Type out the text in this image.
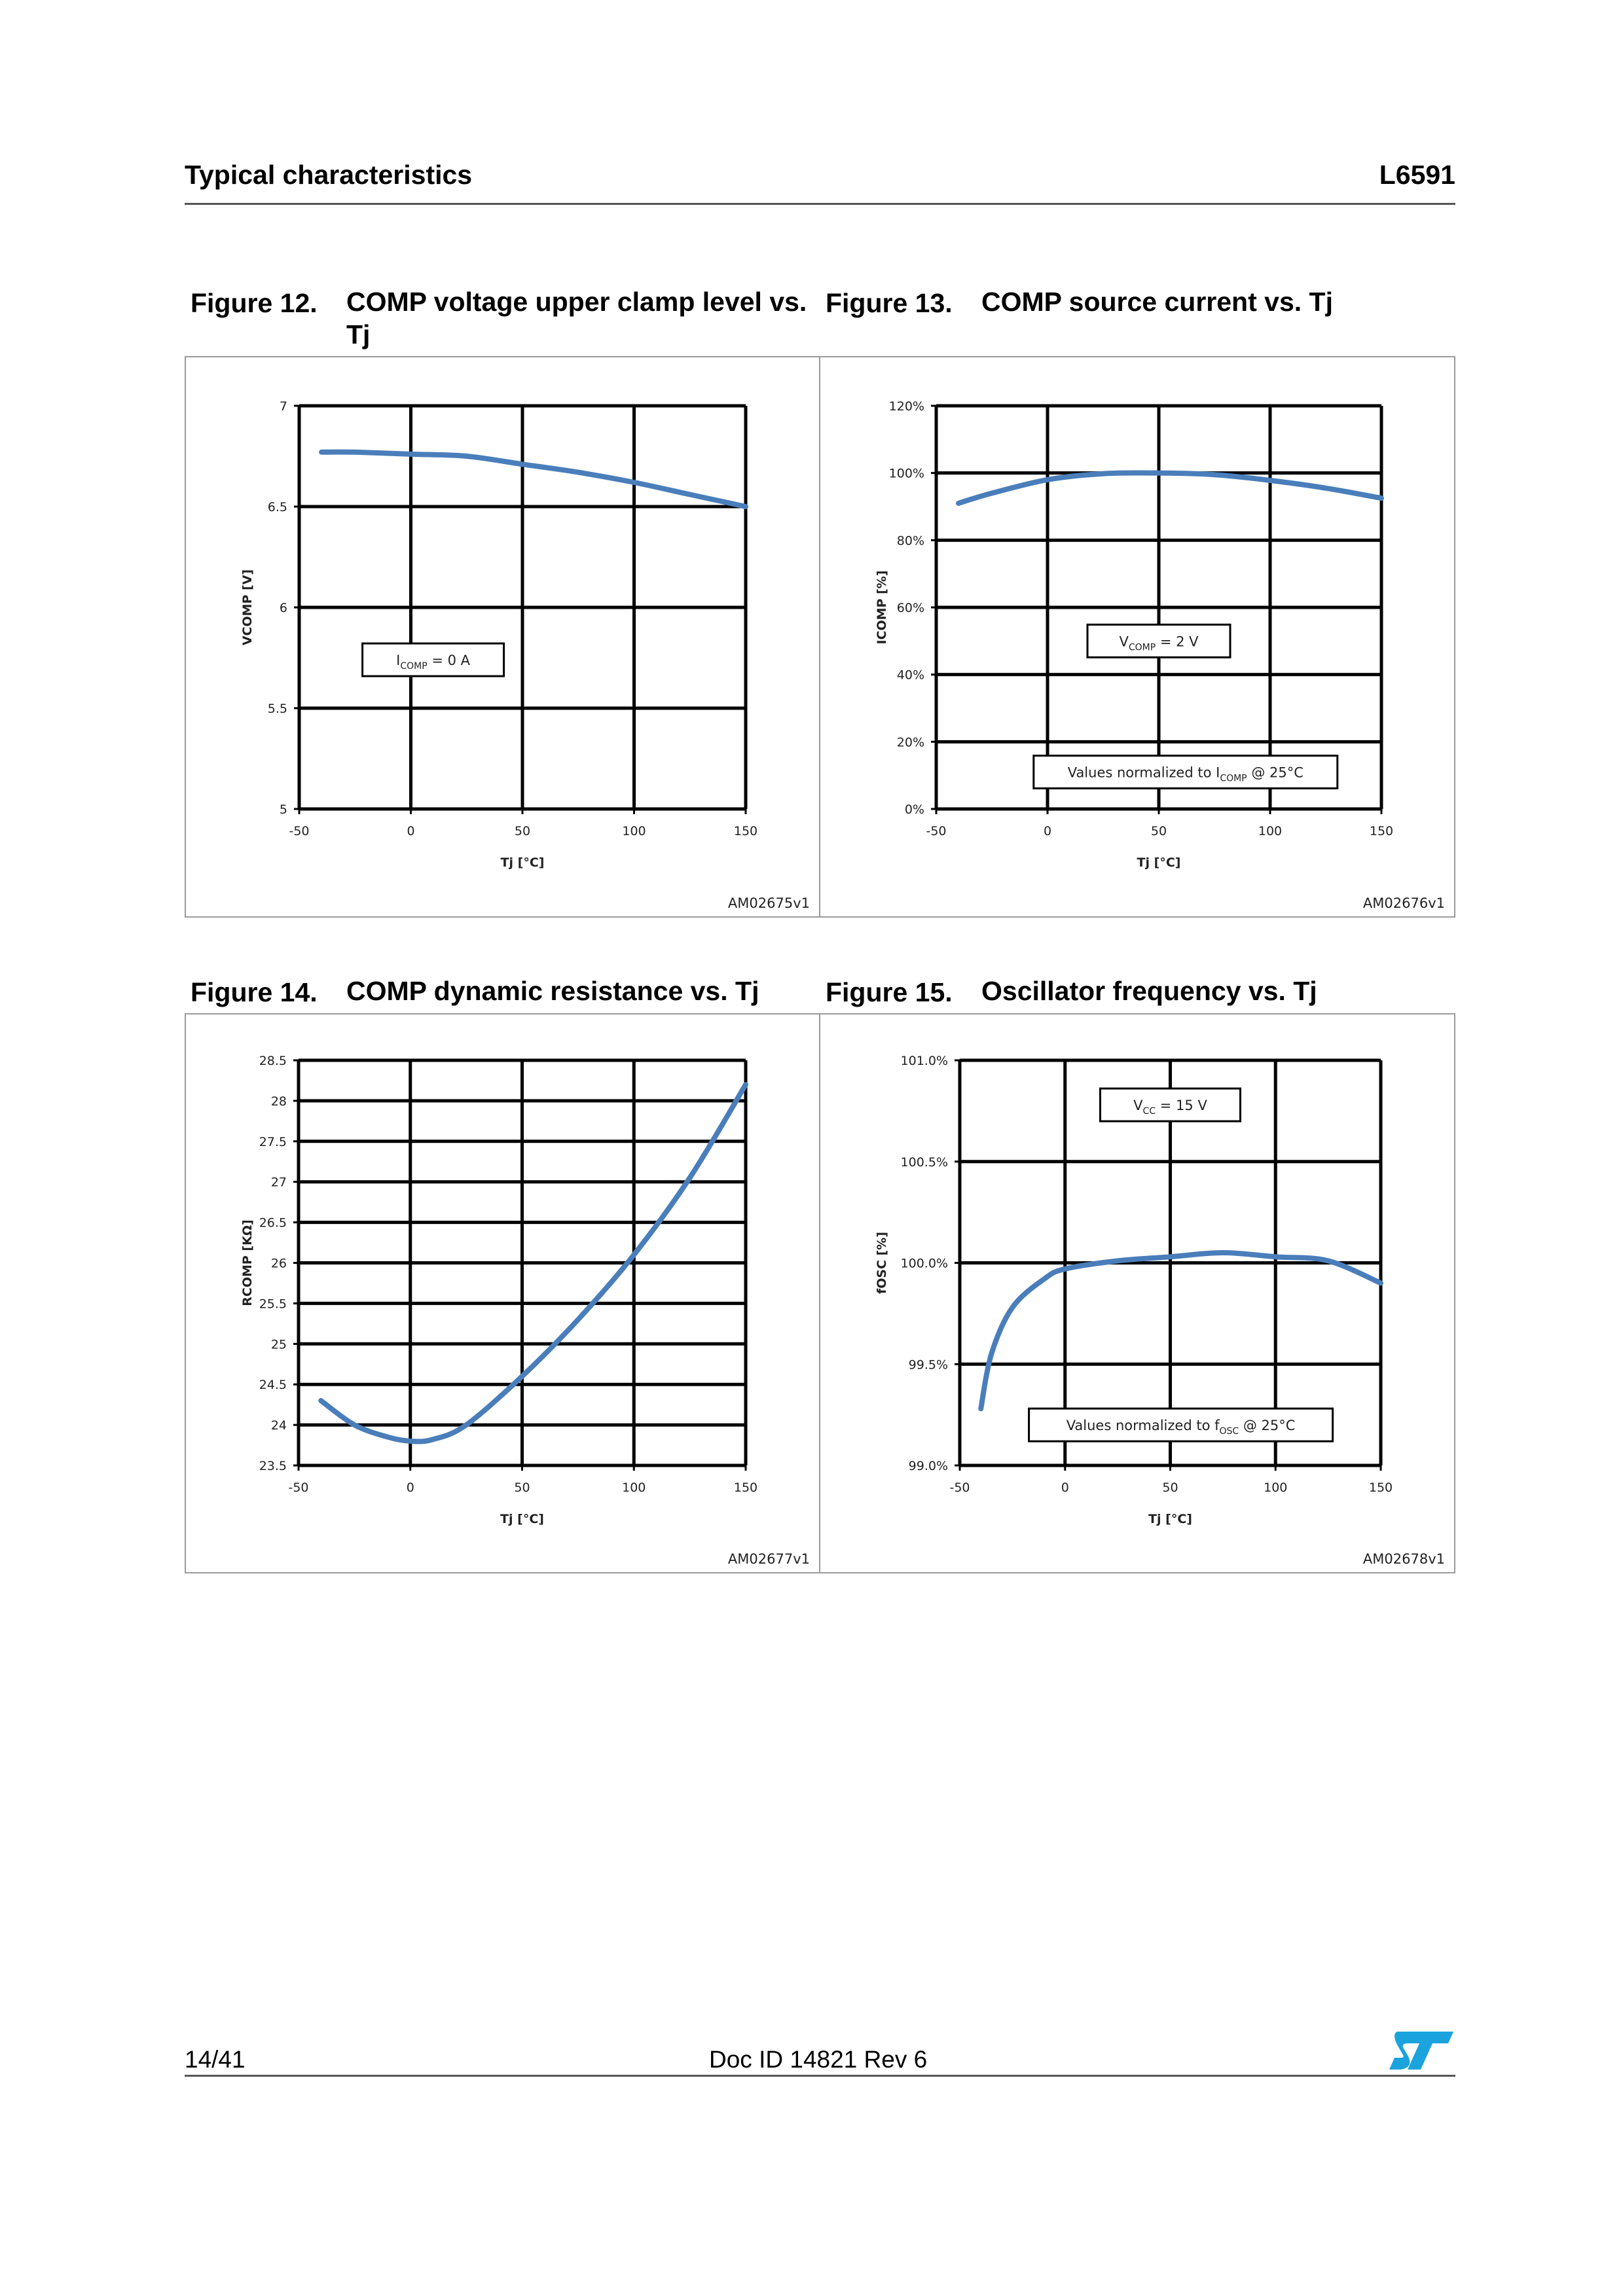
Typical characteristics	L6591
Figure 12. COMP voltage upper clamp level vs. Tj
Figure 13. COMP source current vs. Tj
-50	0	50	100	150
5
5.5
6
6.5
7
Tj [°C]
VCOMP [V]
$I_{COMP} = 0$ A
AM02675v1
-50	0	50	100	150
0%
20%
40%
60%
80%
100%
120%
Tj [°C]
ICOMP [%]	$V_{COMP} = 2$ V
Values normalized to $I_{COMP}$ @ 25°C
AM02676v1
Figure 14. COMP dynamic resistance vs. Tj	Figure 15. Oscillator frequency vs. Tj
-50	0	50	100	150
23.5
24
24.5
25
25.5
26
26.5
27
27.5
28
28.5
Tj [°C]
RCOMP [KΩ]
AM02677v1
-50	0	50	100	150
99.0%
99.5%
100.0%
100.5%
101.0%
Tj [°C]
fOSC [%]
$V_{CC} = 15$ V
Values normalized to $f_{OSC}$ @ 25°C
AM02678v1
14/41	Doc ID 14821 Rev 6
